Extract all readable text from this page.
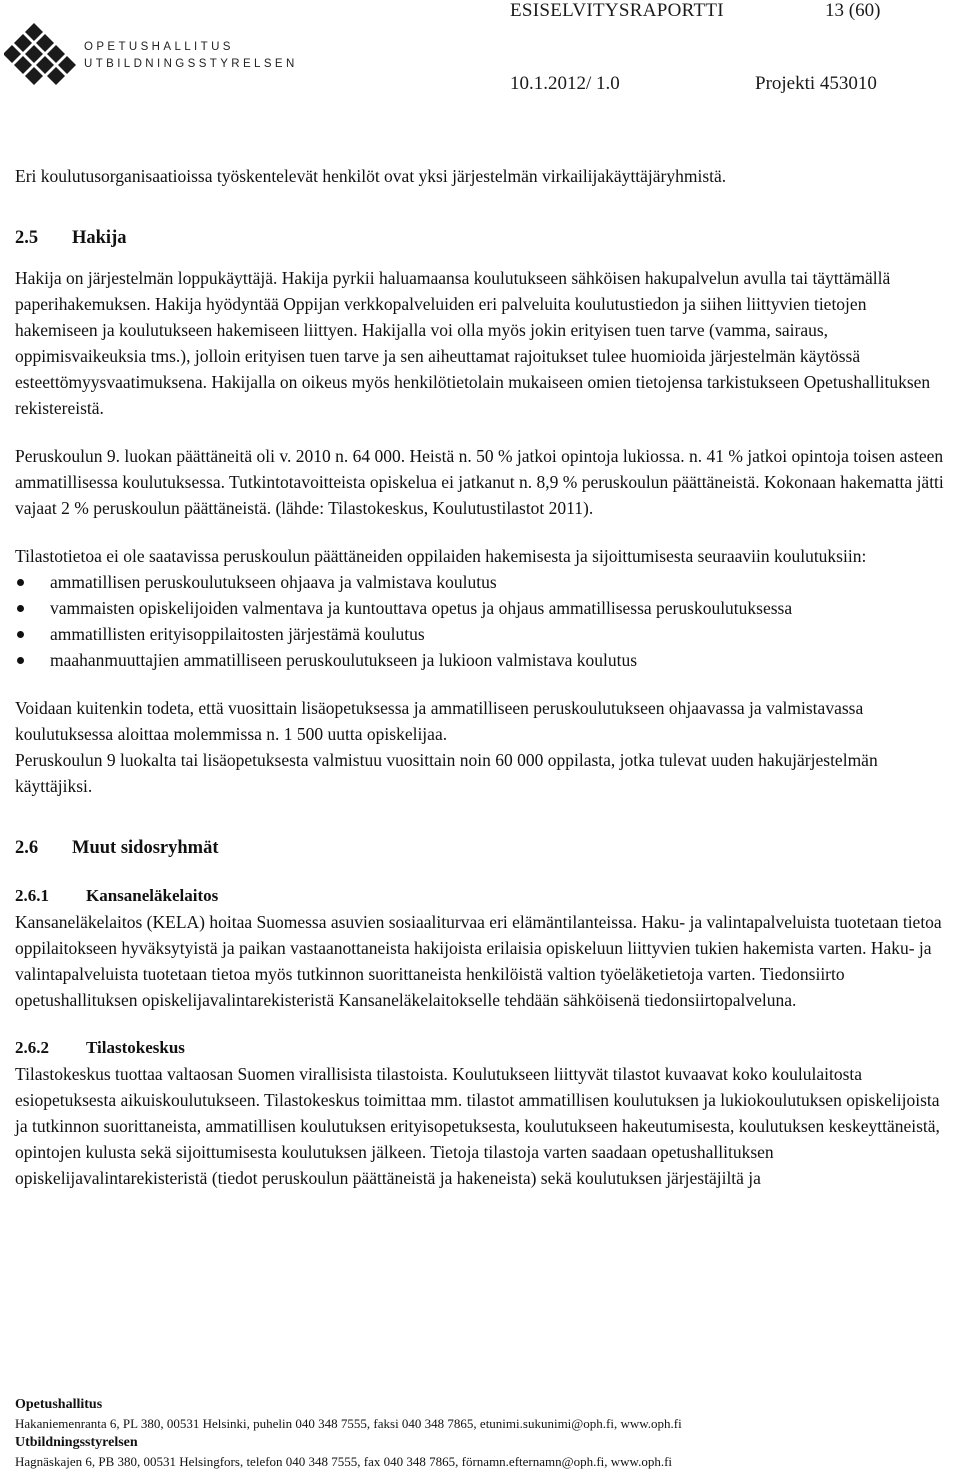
OPETUSHALLITUS
UTBILDNINGSSTYRELSEN
ESISELVITYSRAPORTTI	13 (60)
10.1.2012/ 1.0	Projekti 453010

Eri koulutusorganisaatioissa työskentelevät henkilöt ovat yksi järjestelmän virkailijakäyttäjäryhmistä.

2.5	Hakija

Hakija on järjestelmän loppukäyttäjä. Hakija pyrkii haluamaansa koulutukseen sähköisen hakupalvelun avulla tai täyttämällä paperihakemuksen. Hakija hyödyntää Oppijan verkkopalveluiden eri palveluita koulutustiedon ja siihen liittyvien tietojen hakemiseen ja koulutukseen hakemiseen liittyen. Hakijalla voi olla myös jokin erityisen tuen tarve (vamma, sairaus, oppimisvaikeuksia tms.), jolloin erityisen tuen tarve ja sen aiheuttamat rajoitukset tulee huomioida järjestelmän käytössä esteettömyysvaatimuksena. Hakijalla on oikeus myös henkilötietolain mukaiseen omien tietojensa tarkistukseen Opetushallituksen rekistereistä.

Peruskoulun 9. luokan päättäneitä oli v. 2010 n. 64 000. Heistä n. 50 % jatkoi opintoja lukiossa. n. 41 % jatkoi opintoja toisen asteen ammatillisessa koulutuksessa. Tutkintotavoitteista opiskelua ei jatkanut n. 8,9 % peruskoulun päättäneistä. Kokonaan hakematta jätti vajaat 2 % peruskoulun päättäneistä. (lähde: Tilastokeskus, Koulutustilastot 2011).

Tilastotietoa ei ole saatavissa peruskoulun päättäneiden oppilaiden hakemisesta ja sijoittumisesta seuraaviin koulutuksiin:

ammatillisen peruskoulutukseen ohjaava ja valmistava koulutus
vammaisten opiskelijoiden valmentava ja kuntouttava opetus ja ohjaus ammatillisessa peruskoulutuksessa
ammatillisten erityisoppilaitosten järjestämä koulutus
maahanmuuttajien ammatilliseen peruskoulutukseen ja lukioon valmistava koulutus

Voidaan kuitenkin todeta, että vuosittain lisäopetuksessa ja ammatilliseen peruskoulutukseen ohjaavassa ja valmistavassa koulutuksessa aloittaa molemmissa n. 1 500 uutta opiskelijaa.

Peruskoulun 9 luokalta tai lisäopetuksesta valmistuu vuosittain noin 60 000 oppilasta, jotka tulevat uuden hakujärjestelmän käyttäjiksi.

2.6	Muut sidosryhmät
2.6.1	Kansaneläkelaitos

Kansaneläkelaitos (KELA) hoitaa Suomessa asuvien sosiaaliturvaa eri elämäntilanteissa. Haku- ja valintapalveluista tuotetaan tietoa oppilaitokseen hyväksytyistä ja paikan vastaanottaneista hakijoista erilaisia opiskeluun liittyvien tukien hakemista varten. Haku- ja valintapalveluista tuotetaan tietoa myös tutkinnon suorittaneista henkilöistä valtion työeläketietoja varten. Tiedonsiirto opetushallituksen opiskelijavalintarekisteristä Kansaneläkelaitokselle tehdään sähköisenä tiedonsiirtopalveluna.

2.6.2	Tilastokeskus

Tilastokeskus tuottaa valtaosan Suomen virallisista tilastoista. Koulutukseen liittyvät tilastot kuvaavat koko koululaitosta esiopetuksesta aikuiskoulutukseen. Tilastokeskus toimittaa mm. tilastot ammatillisen koulutuksen ja lukiokoulutuksen opiskelijoista ja tutkinnon suorittaneista, ammatillisen koulutuksen erityisopetuksesta, koulutukseen hakeutumisesta, koulutuksen keskeyttäneistä, opintojen kulusta sekä sijoittumisesta koulutuksen jälkeen. Tietoja tilastoja varten saadaan opetushallituksen opiskelijavalintarekisteristä (tiedot peruskoulun päättäneistä ja hakeneista) sekä koulutuksen järjestäjiltä ja

Opetushallitus
Hakaniemenranta 6, PL 380, 00531 Helsinki, puhelin 040 348 7555, faksi 040 348 7865, etunimi.sukunimi@oph.fi, www.oph.fi
Utbildningsstyrelsen
Hagnäskajen 6, PB 380, 00531 Helsingfors, telefon 040 348 7555, fax 040 348 7865, förnamn.efternamn@oph.fi, www.oph.fi
